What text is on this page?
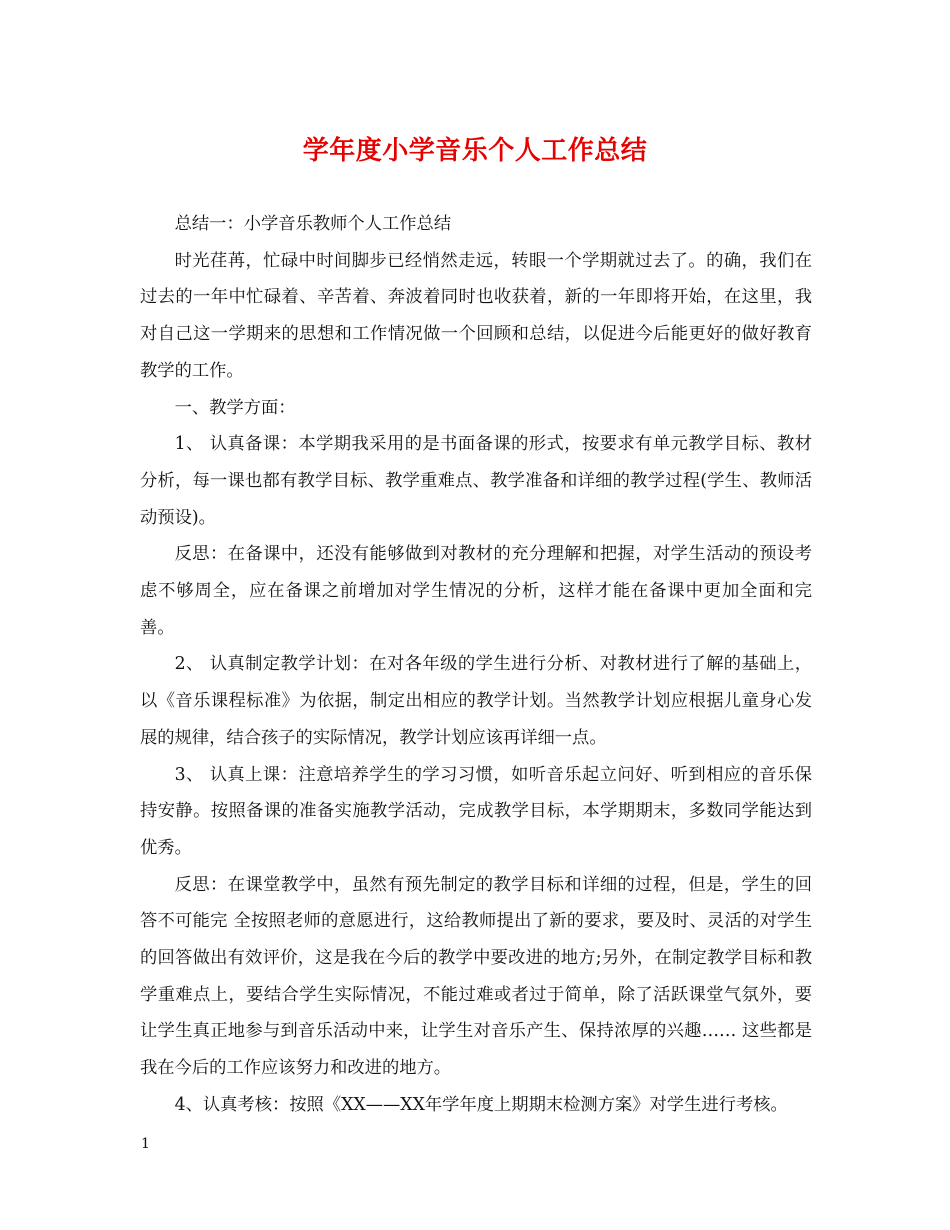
学年度小学音乐个人工作总结

总结一：小学音乐教师个人工作总结

时光荏苒，忙碌中时间脚步已经悄然走远，转眼一个学期就过去了。的确，我们在过去的一年中忙碌着、辛苦着、奔波着同时也收获着，新的一年即将开始，在这里，我对自己这一学期来的思想和工作情况做一个回顾和总结，以促进今后能更好的做好教育教学的工作。

一、教学方面：

1、 认真备课：本学期我采用的是书面备课的形式，按要求有单元教学目标、教材分析，每一课也都有教学目标、教学重难点、教学准备和详细的教学过程(学生、教师活动预设)。

反思：在备课中，还没有能够做到对教材的充分理解和把握，对学生活动的预设考虑不够周全，应在备课之前增加对学生情况的分析，这样才能在备课中更加全面和完善。

2、 认真制定教学计划：在对各年级的学生进行分析、对教材进行了解的基础上，以《音乐课程标准》为依据，制定出相应的教学计划。当然教学计划应根据儿童身心发展的规律，结合孩子的实际情况，教学计划应该再详细一点。

3、 认真上课：注意培养学生的学习习惯，如听音乐起立问好、听到相应的音乐保持安静。按照备课的准备实施教学活动，完成教学目标，本学期期末，多数同学能达到优秀。

反思：在课堂教学中，虽然有预先制定的教学目标和详细的过程，但是，学生的回答不可能完 全按照老师的意愿进行，这给教师提出了新的要求，要及时、灵活的对学生的回答做出有效评价，这是我在今后的教学中要改进的地方;另外，在制定教学目标和教学重难点上，要结合学生实际情况，不能过难或者过于简单，除了活跃课堂气氛外，要让学生真正地参与到音乐活动中来，让学生对音乐产生、保持浓厚的兴趣…… 这些都是我在今后的工作应该努力和改进的地方。

4、认真考核：按照《XX——XX年学年度上期期末检测方案》对学生进行考核。

1
